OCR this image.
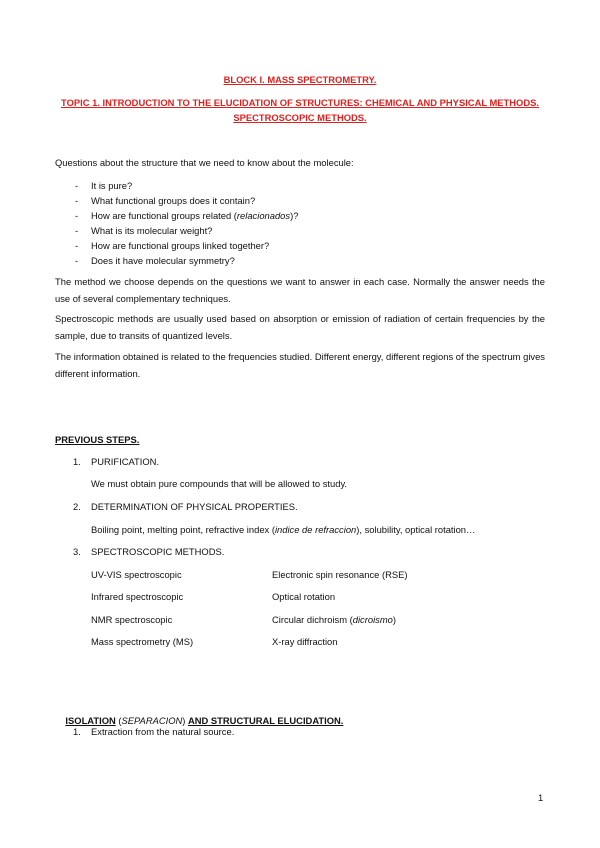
BLOCK I. MASS SPECTROMETRY.
TOPIC 1. INTRODUCTION TO THE ELUCIDATION OF STRUCTURES: CHEMICAL AND PHYSICAL METHODS.
SPECTROSCOPIC METHODS.
Questions about the structure that we need to know about the molecule:
- It is pure?
- What functional groups does it contain?
- How are functional groups related (relacionados)?
- What is its molecular weight?
- How are functional groups linked together?
- Does it have molecular symmetry?
The method we choose depends on the questions we want to answer in each case. Normally the answer needs the use of several complementary techniques.
Spectroscopic methods are usually used based on absorption or emission of radiation of certain frequencies by the sample, due to transits of quantized levels.
The information obtained is related to the frequencies studied. Different energy, different regions of the spectrum gives different information.
PREVIOUS STEPS.
1. PURIFICATION.
We must obtain pure compounds that will be allowed to study.
2. DETERMINATION OF PHYSICAL PROPERTIES.
Boiling point, melting point, refractive index (indice de refraccion), solubility, optical rotation…
3. SPECTROSCOPIC METHODS.
UV-VIS spectroscopic	Electronic spin resonance (RSE)
Infrared spectroscopic	Optical rotation
NMR spectroscopic	Circular dichroism (dicroismo)
Mass spectrometry (MS)	X-ray diffraction

ISOLATION (SEPARACION) AND STRUCTURAL ELUCIDATION.

1. Extraction from the natural source.
1
